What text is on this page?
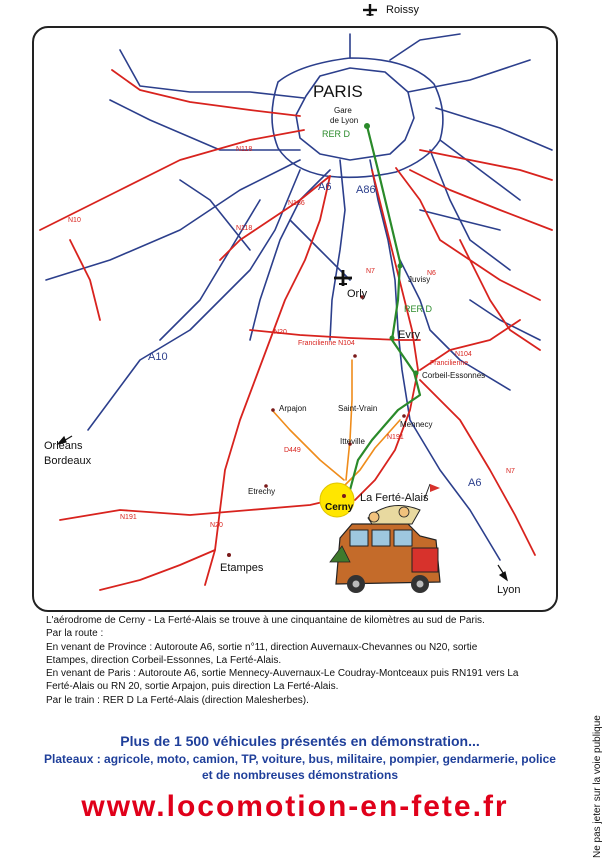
Roissy
PARIS
Gare
de Lyon
RER D
RER D
A6 A86
A10
A6
N118
N118
N186
N10
N7	N6
N20
Francilienne N104
N104
Francilienne
N191
D449
N7
N191
N20
Juvisy
Orly
Evry
Corbeil-Essonnes
Arpajon	Saint-Vrain
Mennecy
Itteville
Orléans
Bordeaux
Etrechy
Cerny
La Ferté-Alais
Etampes
Lyon

L'aérodrome de Cerny - La Ferté-Alais se trouve à une cinquantaine de kilomètres au sud de Paris.

Par la route :

En venant de Province : Autoroute A6, sortie n°11, direction Auvernaux-Chevannes ou N20, sortie

Etampes, direction Corbeil-Essonnes, La Ferté-Alais.

En venant de Paris : Autoroute A6, sortie Mennecy-Auvernaux-Le Coudray-Montceaux puis RN191 vers La

Ferté-Alais ou RN 20, sortie Arpajon, puis direction La Ferté-Alais.

Par le train : RER D La Ferté-Alais (direction Malesherbes).

Plus de 1 500 véhicules présentés en démonstration...
Plateaux : agricole, moto, camion, TP, voiture, bus, militaire, pompier, gendarmerie, police
et de nombreuses démonstrations
www.locomotion-en-fete.fr	Ne pas jeter sur la voie publique
